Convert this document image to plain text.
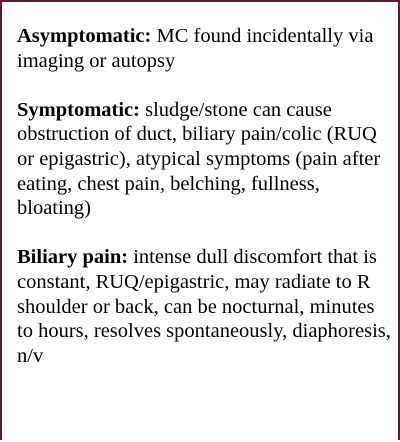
Asymptomatic: MC found incidentally via imaging or autopsy

Symptomatic: sludge/stone can cause obstruction of duct, biliary pain/colic (RUQ or epigastric), atypical symptoms (pain after eating, chest pain, belching, fullness, bloating)

Biliary pain: intense dull discomfort that is constant, RUQ/epigastric, may radiate to R shoulder or back, can be nocturnal, minutes to hours, resolves spontaneously, diaphoresis, n/v
